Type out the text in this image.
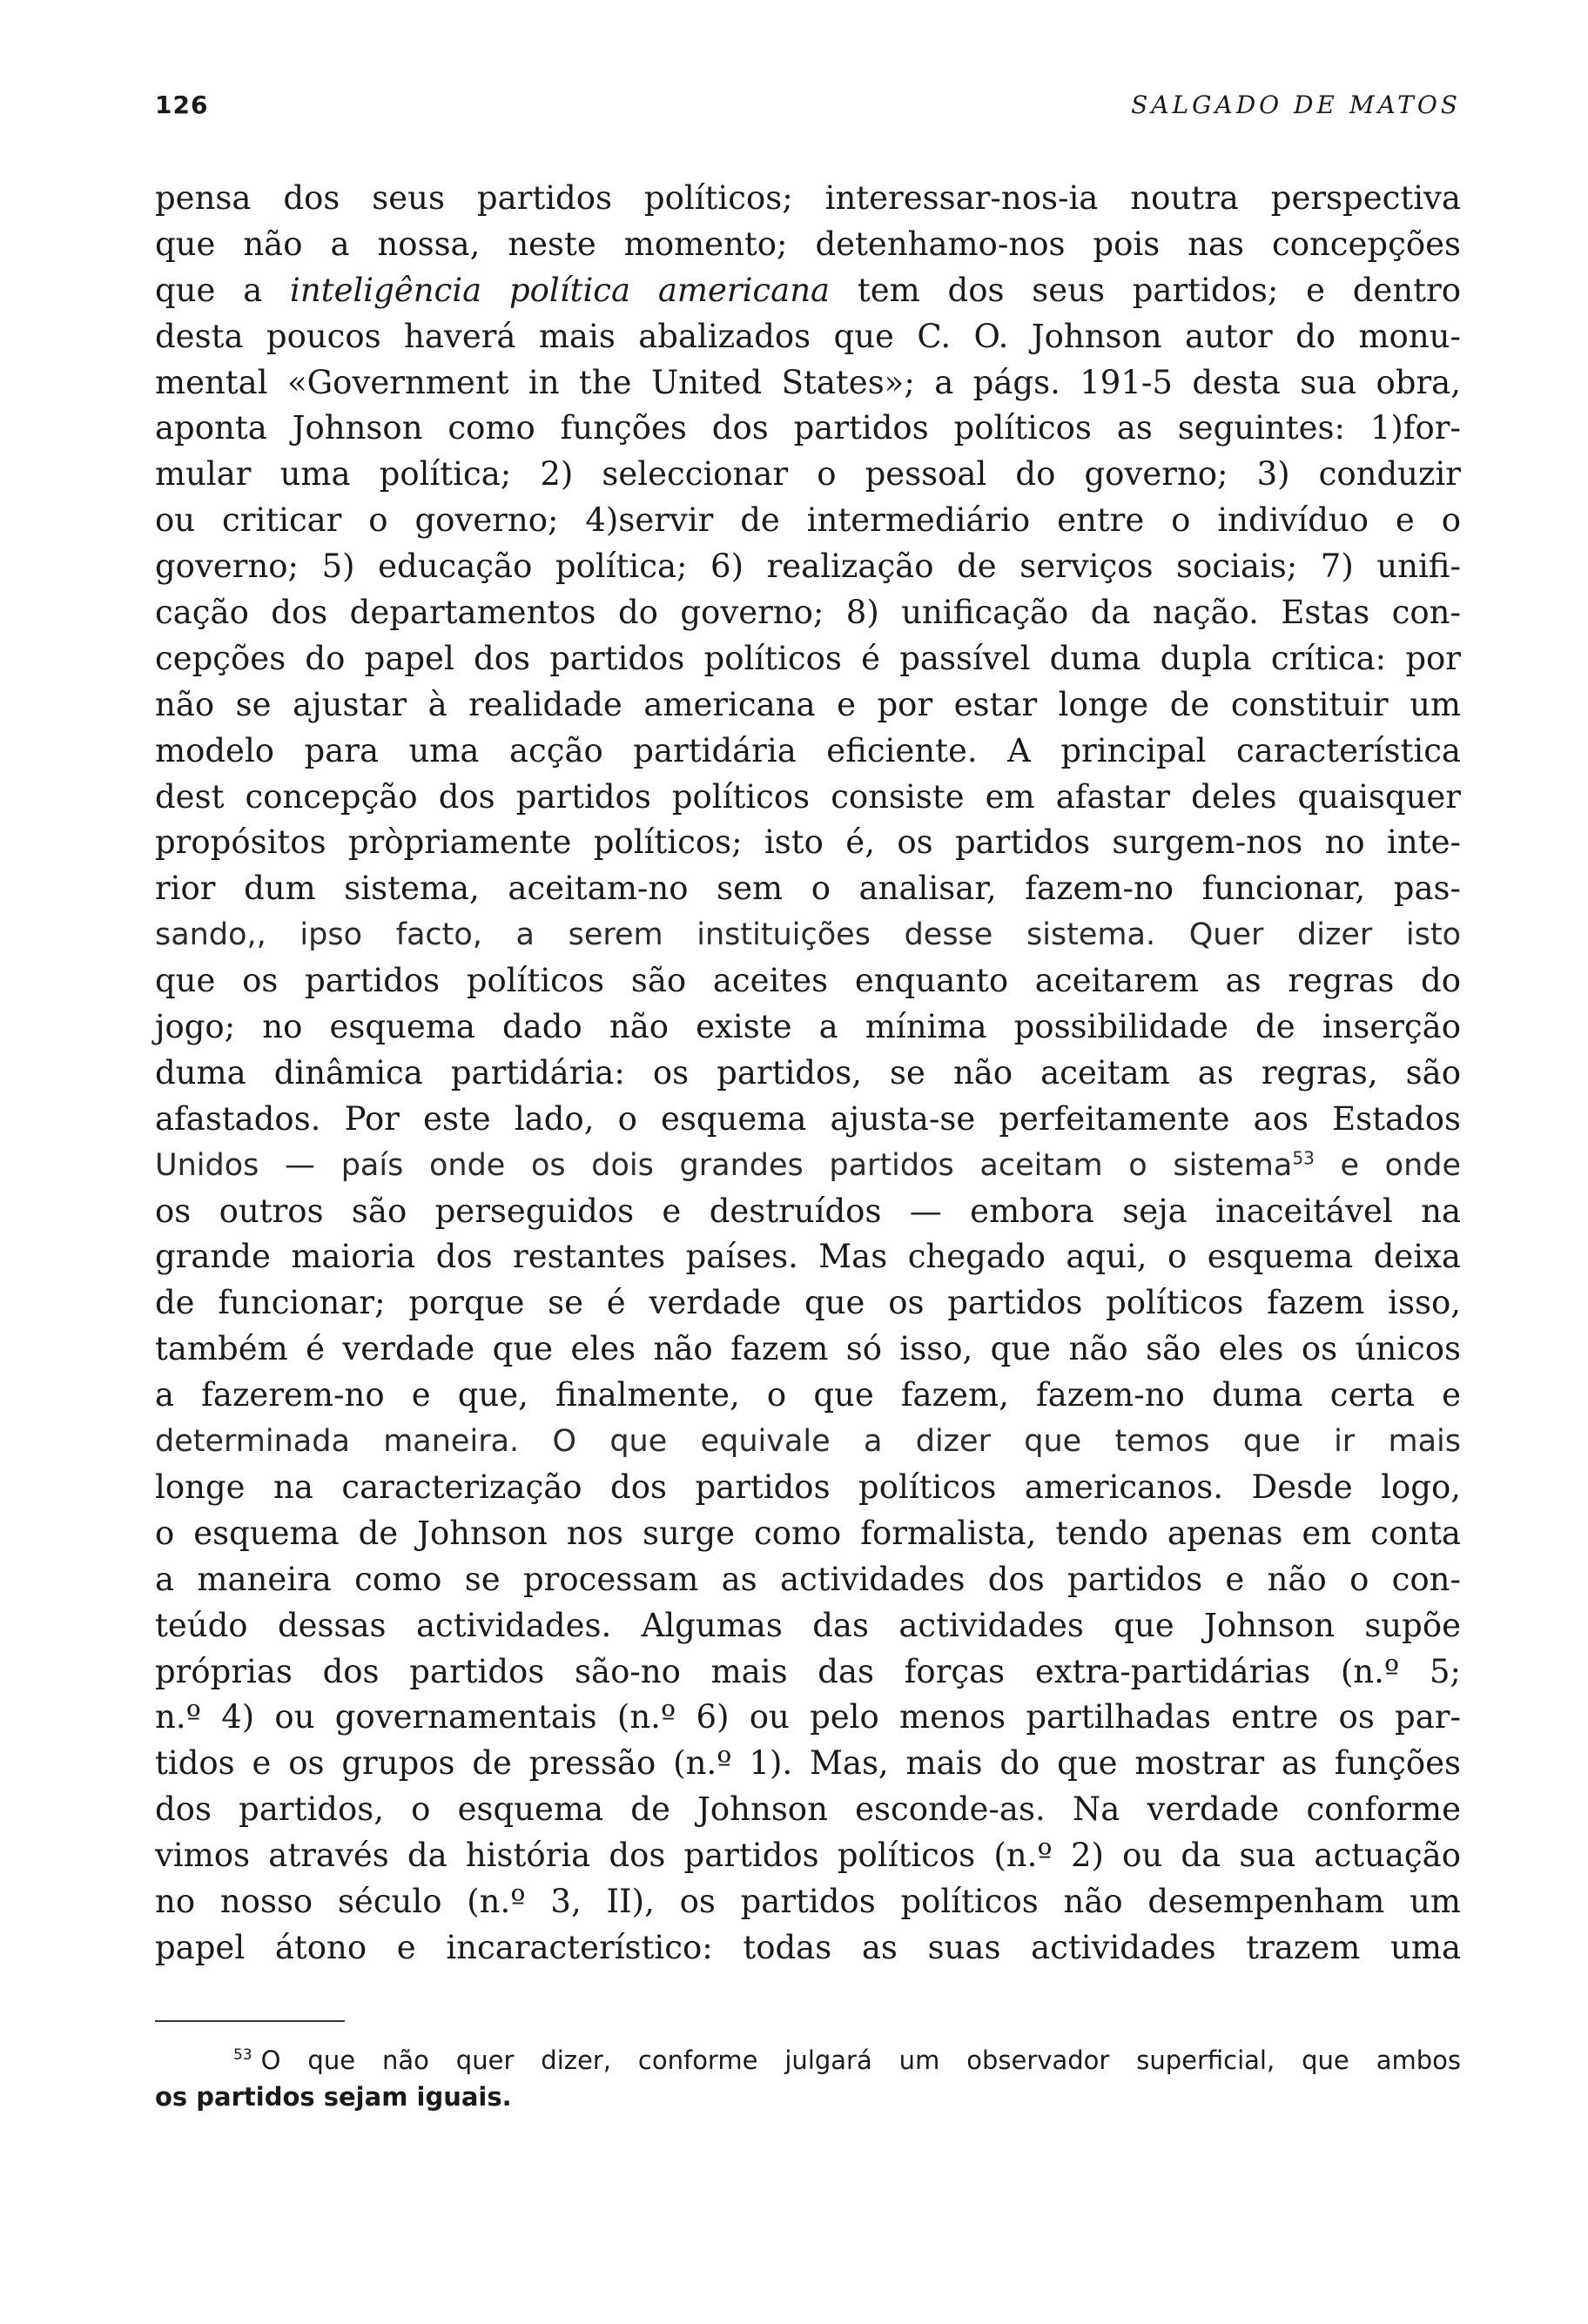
126	SALGADO DE MATOS
pensa dos seus partidos políticos; interessar-nos-ia noutra perspectiva
que não a nossa, neste momento; detenhamo-nos pois nas concepções
que a inteligência política americana tem dos seus partidos; e dentro
desta poucos haverá mais abalizados que C. O. Johnson autor do monu-
mental «Government in the United States»; a págs. 191-5 desta sua obra,
aponta Johnson como funções dos partidos políticos as seguintes: 1)for-
mular uma política; 2) seleccionar o pessoal do governo; 3) conduzir
ou criticar o governo; 4)servir de intermediário entre o indivíduo e o
governo; 5) educação política; 6) realização de serviços sociais; 7) unifi-
cação dos departamentos do governo; 8) unificação da nação. Estas con-
cepções do papel dos partidos políticos é passível duma dupla crítica: por
não se ajustar à realidade americana e por estar longe de constituir um
modelo para uma acção partidária eficiente. A principal característica
dest concepção dos partidos políticos consiste em afastar deles quaisquer
propósitos pròpriamente políticos; isto é, os partidos surgem-nos no inte-
rior dum sistema, aceitam-no sem o analisar, fazem-no funcionar, pas-
sando,, ipso facto, a serem instituições desse sistema. Quer dizer isto
que os partidos políticos são aceites enquanto aceitarem as regras do
jogo; no esquema dado não existe a mínima possibilidade de inserção
duma dinâmica partidária: os partidos, se não aceitam as regras, são
afastados. Por este lado, o esquema ajusta-se perfeitamente aos Estados
Unidos — país onde os dois grandes partidos aceitam o sistema$^{53}$ e onde
os outros são perseguidos e destruídos — embora seja inaceitável na
grande maioria dos restantes países. Mas chegado aqui, o esquema deixa
de funcionar; porque se é verdade que os partidos políticos fazem isso,
também é verdade que eles não fazem só isso, que não são eles os únicos
a fazerem-no e que, finalmente, o que fazem, fazem-no duma certa e
determinada maneira. O que equivale a dizer que temos que ir mais
longe na caracterização dos partidos políticos americanos. Desde logo,
o esquema de Johnson nos surge como formalista, tendo apenas em conta
a maneira como se processam as actividades dos partidos e não o con-
teúdo dessas actividades. Algumas das actividades que Johnson supõe
próprias dos partidos são-no mais das forças extra-partidárias (n.º 5;
n.º 4) ou governamentais (n.º 6) ou pelo menos partilhadas entre os par-
tidos e os grupos de pressão (n.º 1). Mas, mais do que mostrar as funções
dos partidos, o esquema de Johnson esconde-as. Na verdade conforme
vimos através da história dos partidos políticos (n.º 2) ou da sua actuação
no nosso século (n.º 3, II), os partidos políticos não desempenham um
papel átono e incaracterístico: todas as suas actividades trazem uma
$^{53}$ O que não quer dizer, conforme julgará um observador superficial, que ambos
os partidos sejam iguais.
